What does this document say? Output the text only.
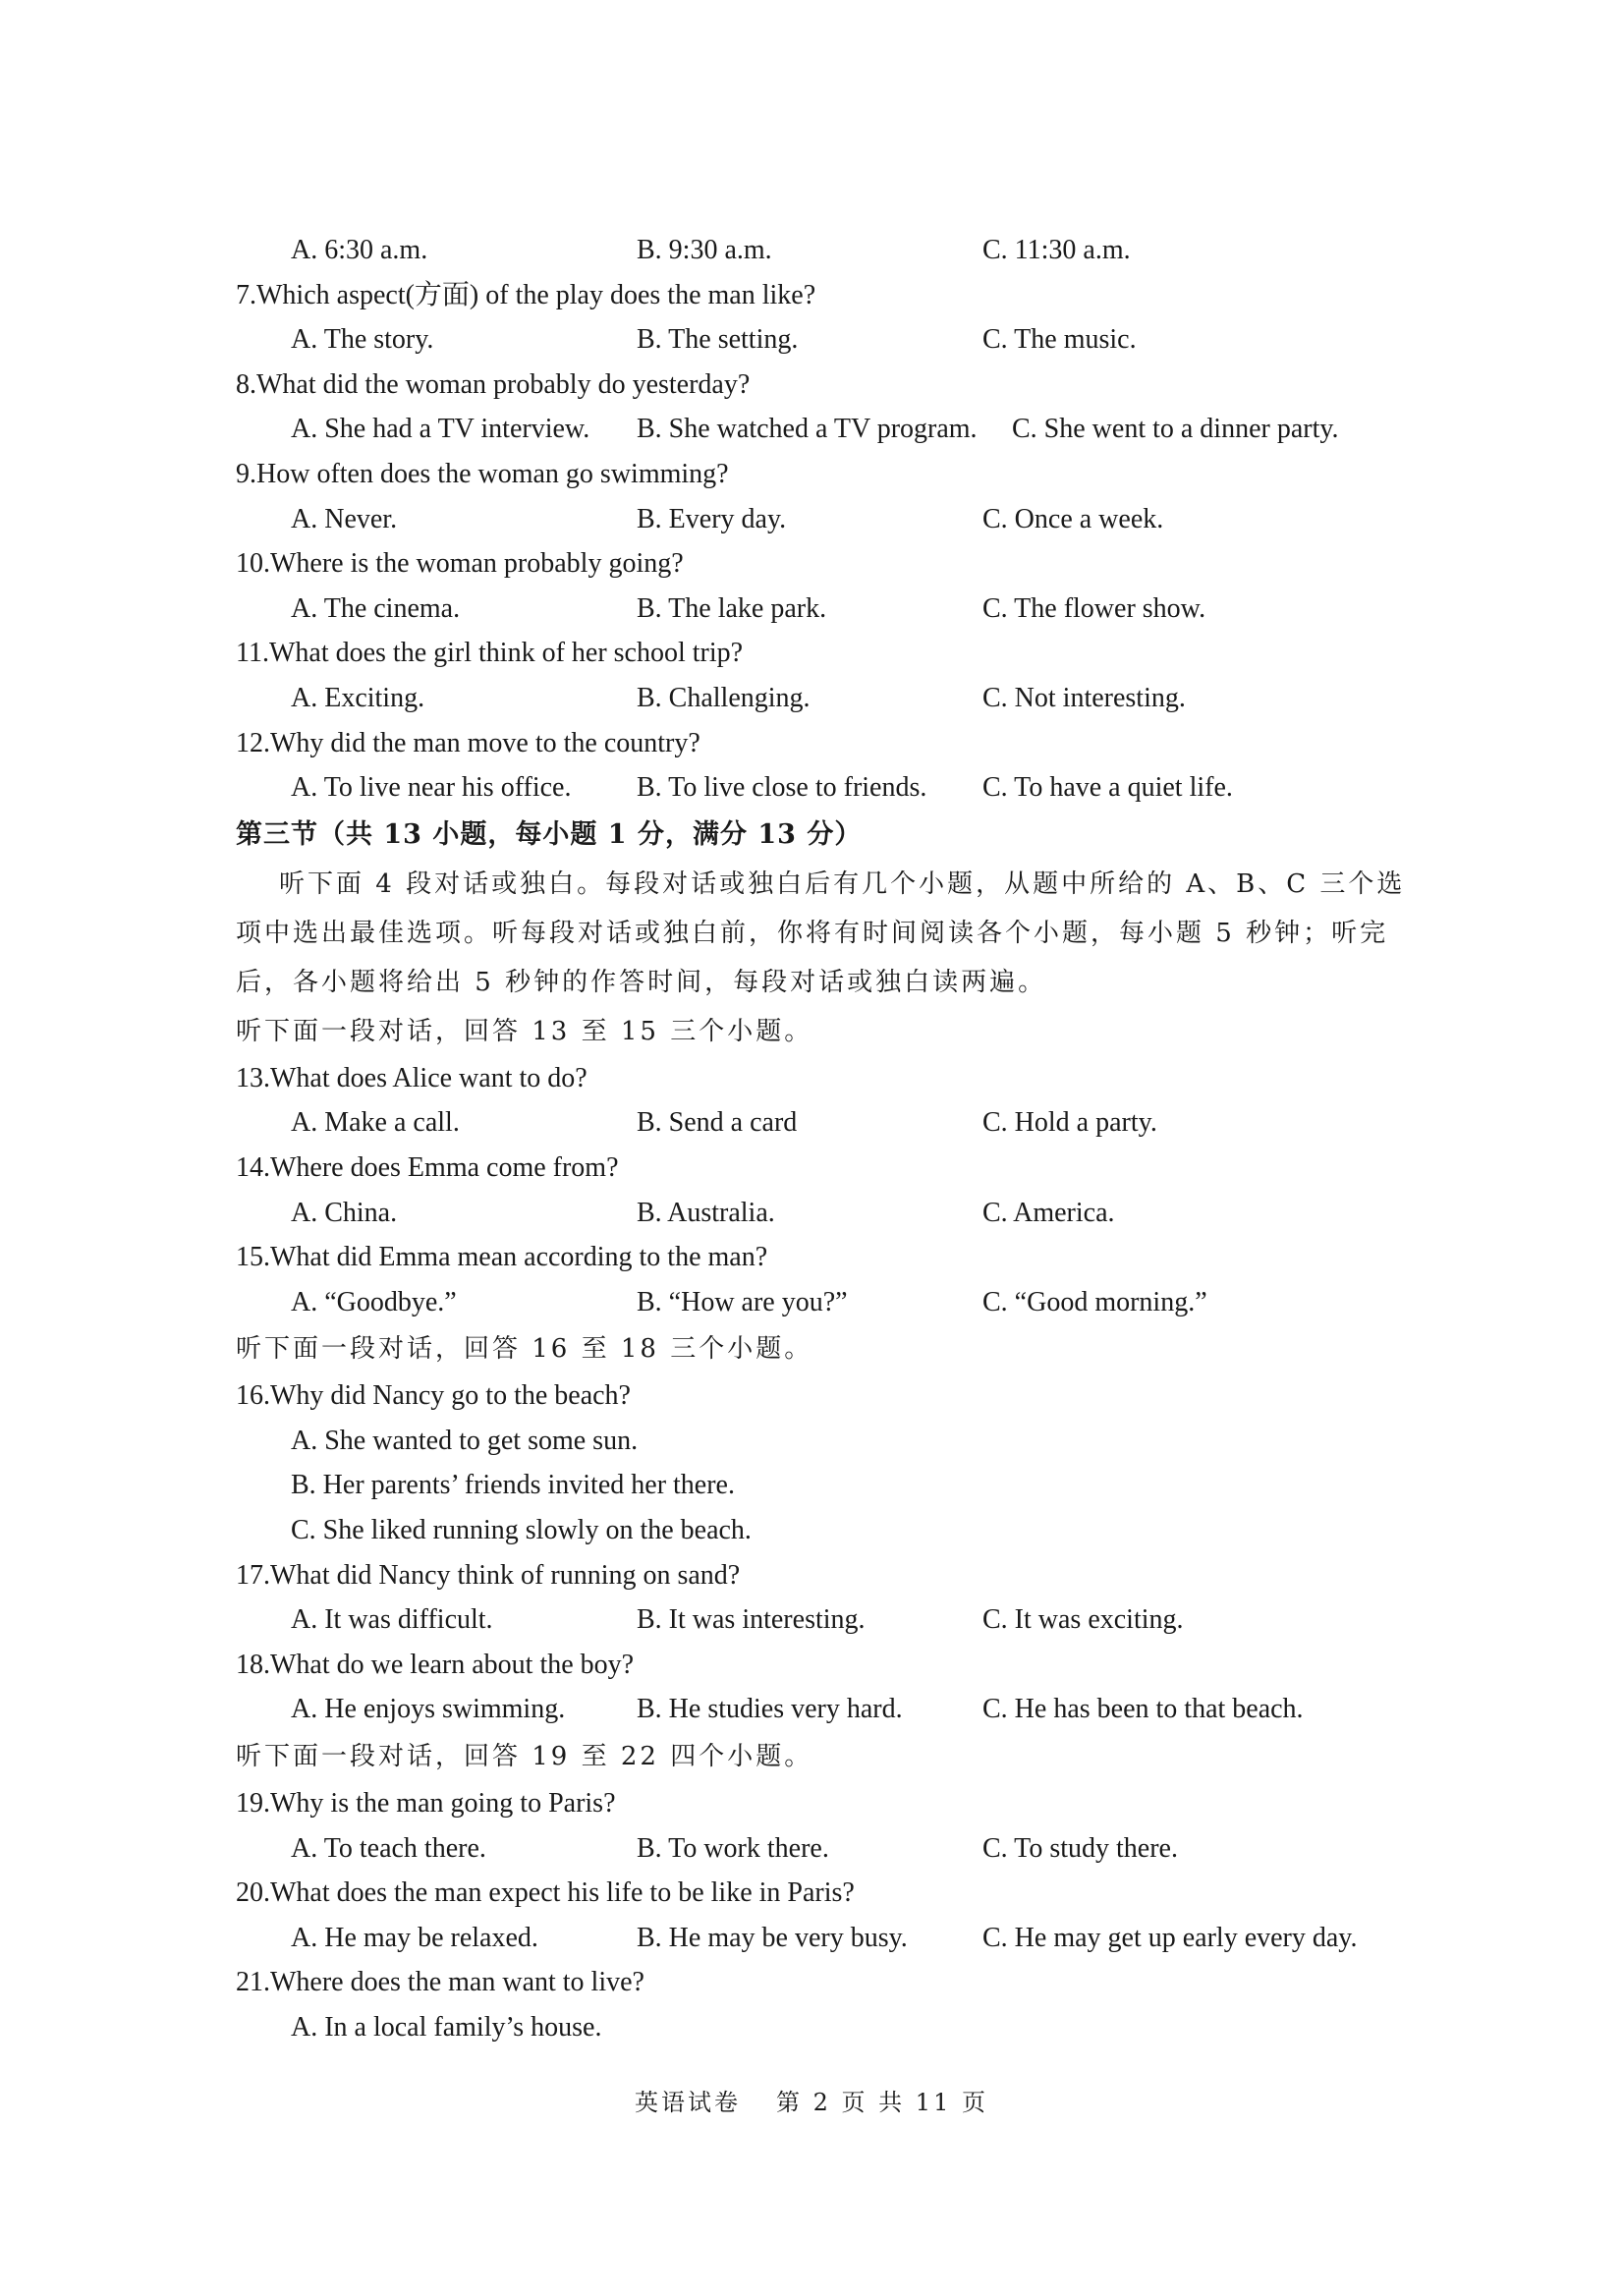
A. 6:30 a.m.	B. 9:30 a.m.	C. 11:30 a.m.
7.Which aspect(方面) of the play does the man like?
A. The story.	B. The setting.	C. The music.
8.What did the woman probably do yesterday?
A. She had a TV interview. B. She watched a TV program. C. She went to a dinner party.
9.How often does the woman go swimming?
A. Never.	B. Every day.	C. Once a week.
10.Where is the woman probably going?
A. The cinema.	B. The lake park.	C. The flower show.
11.What does the girl think of her school trip?
A. Exciting.	B. Challenging.	C. Not interesting.
12.Why did the man move to the country?
A. To live near his office. B. To live close to friends. C. To have a quiet life.
第三节（共 13 小题，每小题 1 分，满分 13 分）
听下面 4 段对话或独白。每段对话或独白后有几个小题，从题中所给的 A、B、C 三个选
项中选出最佳选项。听每段对话或独白前，你将有时间阅读各个小题，每小题 5 秒钟；听完
后，各小题将给出 5 秒钟的作答时间，每段对话或独白读两遍。
听下面一段对话，回答 13 至 15 三个小题。
13.What does Alice want to do?
A. Make a call.	B. Send a card	C. Hold a party.
14.Where does Emma come from?
A. China.	B. Australia.	C. America.
15.What did Emma mean according to the man?
A. “Goodbye.”	B. “How are you?”	C. “Good morning.”
听下面一段对话，回答 16 至 18 三个小题。
16.Why did Nancy go to the beach?
A. She wanted to get some sun.
B. Her parents’ friends invited her there.
C. She liked running slowly on the beach.
17.What did Nancy think of running on sand?
A. It was difficult.	B. It was interesting.	C. It was exciting.
18.What do we learn about the boy?
A. He enjoys swimming.	B. He studies very hard.	C. He has been to that beach.
听下面一段对话，回答 19 至 22 四个小题。
19.Why is the man going to Paris?
A. To teach there.	B. To work there.	C. To study there.
20.What does the man expect his life to be like in Paris?
A. He may be relaxed.	B. He may be very busy.	C. He may get up early every day.
21.Where does the man want to live?
A. In a local family’s house.
英语试卷 第 2 页 共 11 页
